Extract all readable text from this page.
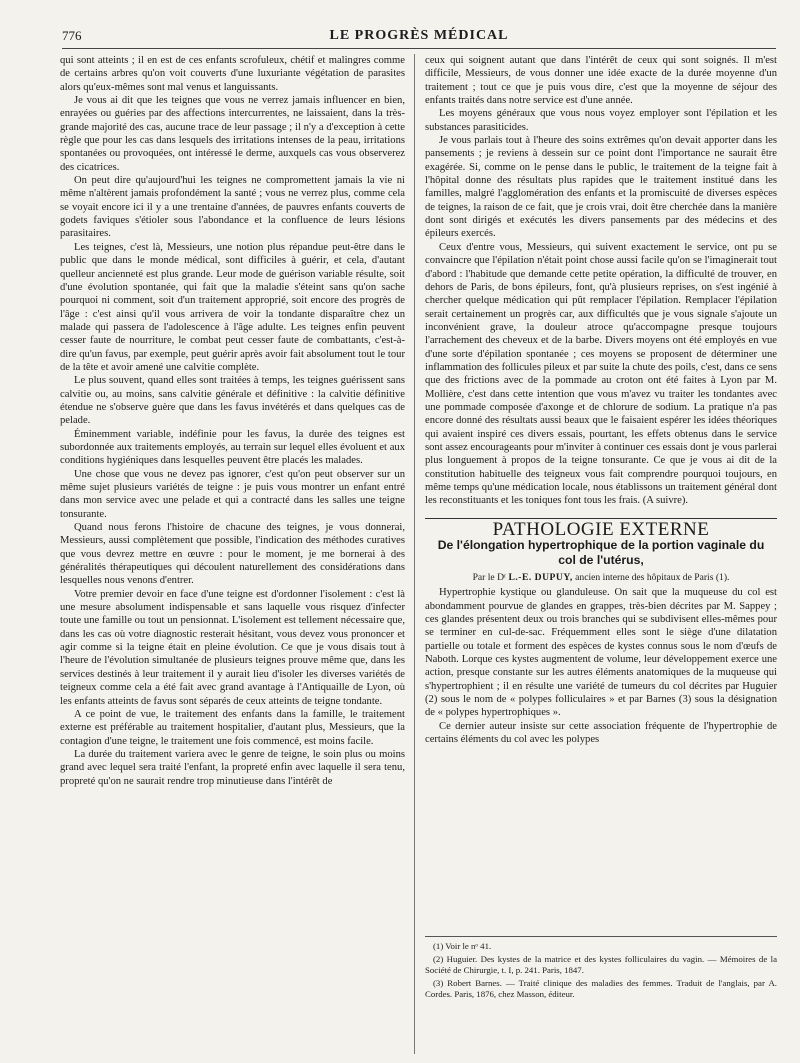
776	LE PROGRÈS MÉDICAL

qui sont atteints ; il en est de ces enfants scrofuleux, chétif et malingres comme de certains arbres qu'on voit couverts d'une luxuriante végétation de parasites alors qu'eux-mêmes sont mal venus et languissants.

Je vous ai dit que les teignes que vous ne verrez jamais influencer en bien, enrayées ou guéries par des affections intercurrentes, ne laissaient, dans la très-grande majorité des cas, aucune trace de leur passage ; il n'y a d'exception à cette règle que pour les cas dans lesquels des irritations intenses de la peau, irritations spontanées ou provoquées, ont intéressé le derme, auxquels cas vous observerez des cicatrices.

On peut dire qu'aujourd'hui les teignes ne compromettent jamais la vie ni même n'altèrent jamais profondément la santé ; vous ne verrez plus, comme cela se voyait encore ici il y a une trentaine d'années, de pauvres enfants couverts de godets faviques s'étioler sous l'abondance et la confluence de leurs lésions parasitaires.

Les teignes, c'est là, Messieurs, une notion plus répandue peut-être dans le public que dans le monde médical, sont difficiles à guérir, et cela, d'autant quelleur ancienneté est plus grande. Leur mode de guérison variable résulte, soit d'une évolution spontanée, qui fait que la maladie s'éteint sans qu'on sache pourquoi ni comment, soit d'un traitement approprié, soit encore des progrès de l'âge : c'est ainsi qu'il vous arrivera de voir la tondante disparaître chez un malade qui passera de l'adolescence à l'âge adulte. Les teignes enfin peuvent cesser faute de nourriture, le combat peut cesser faute de combattants, c'est-à-dire qu'un favus, par exemple, peut guérir après avoir fait absolument tout le tour de la tête et avoir amené une calvitie complète.

Le plus souvent, quand elles sont traitées à temps, les teignes guérissent sans calvitie ou, au moins, sans calvitie générale et définitive : la calvitie définitive étendue ne s'observe guère que dans les favus invétérés et dans quelques cas de pelade.

Éminemment variable, indéfinie pour les favus, la durée des teignes est subordonnée aux traitements employés, au terrain sur lequel elles évoluent et aux conditions hygiéniques dans lesquelles peuvent être placés les malades.

Une chose que vous ne devez pas ignorer, c'est qu'on peut observer sur un même sujet plusieurs variétés de teigne : je puis vous montrer un enfant entré dans mon service avec une pelade et qui a contracté dans les salles une teigne tonsurante.

Quand nous ferons l'histoire de chacune des teignes, je vous donnerai, Messieurs, aussi complètement que possible, l'indication des méthodes curatives que vous devrez mettre en œuvre : pour le moment, je me bornerai à des généralités thérapeutiques qui découlent naturellement des considérations dans lesquelles nous venons d'entrer.

Votre premier devoir en face d'une teigne est d'ordonner l'isolement : c'est là une mesure absolument indispensable et sans laquelle vous risquez d'infecter toute une famille ou tout un pensionnat. L'isolement est tellement nécessaire que, dans les cas où votre diagnostic resterait hésitant, vous devez vous prononcer et agir comme si la teigne était en pleine évolution. Ce que je vous disais tout à l'heure de l'évolution simultanée de plusieurs teignes prouve même que, dans les services destinés à leur traitement il y aurait lieu d'isoler les diverses variétés de teigneux comme cela a été fait avec grand avantage à l'Antiquaille de Lyon, où les enfants atteints de favus sont séparés de ceux atteints de teigne tondante.

A ce point de vue, le traitement des enfants dans la famille, le traitement externe est préférable au traitement hospitalier, d'autant plus, Messieurs, que la contagion d'une teigne, le traitement une fois commencé, est moins facile.

La durée du traitement variera avec le genre de teigne, le soin plus ou moins grand avec lequel sera traité l'enfant, la propreté enfin avec laquelle il sera tenu, propreté qu'on ne saurait rendre trop minutieuse dans l'intérêt de

ceux qui soignent autant que dans l'intérêt de ceux qui sont soignés. Il m'est difficile, Messieurs, de vous donner une idée exacte de la durée moyenne d'un traitement ; tout ce que je puis vous dire, c'est que la moyenne de séjour des enfants traités dans notre service est d'une année.

Les moyens généraux que vous nous voyez employer sont l'épilation et les substances parasiticides.

Je vous parlais tout à l'heure des soins extrêmes qu'on devait apporter dans les pansements ; je reviens à dessein sur ce point dont l'importance ne saurait être exagérée. Si, comme on le pense dans le public, le traitement de la teigne fait à l'hôpital donne des résultats plus rapides que le traitement institué dans les familles, malgré l'agglomération des enfants et la promiscuité de diverses espèces de teignes, la raison de ce fait, que je crois vrai, doit être cherchée dans la manière dont sont dirigés et exécutés les divers pansements par des médecins et des épileurs exercés.

Ceux d'entre vous, Messieurs, qui suivent exactement le service, ont pu se convaincre que l'épilation n'était point chose aussi facile qu'on se l'imaginerait tout d'abord : l'habitude que demande cette petite opération, la difficulté de trouver, en dehors de Paris, de bons épileurs, font, qu'à plusieurs reprises, on s'est ingénié à chercher quelque médication qui pût remplacer l'épilation. Remplacer l'épilation serait certainement un progrès car, aux difficultés que je vous signale s'ajoute un inconvénient grave, la douleur atroce qu'accompagne presque toujours l'arrachement des cheveux et de la barbe. Divers moyens ont été employés en vue d'une sorte d'épilation spontanée ; ces moyens se proposent de déterminer une inflammation des follicules pileux et par suite la chute des poils, c'est, dans ce sens que des frictions avec de la pommade au croton ont été faites à Lyon par M. Mollière, c'est dans cette intention que vous m'avez vu traiter les tondantes avec une pommade composée d'axonge et de chlorure de sodium. La pratique n'a pas encore donné des résultats aussi beaux que le faisaient espérer les idées théoriques qui avaient inspiré ces divers essais, pourtant, les effets obtenus dans le service sont assez encourageants pour m'inviter à continuer ces essais dont je vous parlerai plus longuement à propos de la teigne tonsurante. Ce que je vous ai dit de la constitution habituelle des teigneux vous fait comprendre pourquoi toujours, en même temps qu'une médication locale, nous établissons un traitement général dont les reconstituants et les toniques font tous les frais. (A suivre).

PATHOLOGIE EXTERNE
De l'élongation hypertrophique de la portion vaginale du col de l'utérus,
Par le Dʳ L.-E. DUPUY, ancien interne des hôpitaux de Paris (1).

Hypertrophie kystique ou glanduleuse. On sait que la muqueuse du col est abondamment pourvue de glandes en grappes, très-bien décrites par M. Sappey ; ces glandes présentent deux ou trois branches qui se subdivisent elles-mêmes pour se terminer en cul-de-sac. Fréquemment elles sont le siège d'une dilatation partielle ou totale et forment des espèces de kystes connus sous le nom d'œufs de Naboth. Lorque ces kystes augmentent de volume, leur développement exerce une action, presque constante sur les autres éléments anatomiques de la muqueuse qui s'hypertrophient ; il en résulte une variété de tumeurs du col décrites par Huguier (2) sous le nom de « polypes folliculaires » et par Barnes (3) sous la désignation de « polypes hypertrophiques ».

Ce dernier auteur insiste sur cette association fréquente de l'hypertrophie de certains éléments du col avec les polypes

(1) Voir le nᵒ 41.

(2) Huguier. Des kystes de la matrice et des kystes folliculaires du vagin. — Mémoires de la Société de Chirurgie, t. I, p. 241. Paris, 1847.

(3) Robert Barnes. — Traité clinique des maladies des femmes. Traduit de l'anglais, par A. Cordes. Paris, 1876, chez Masson, éditeur.
